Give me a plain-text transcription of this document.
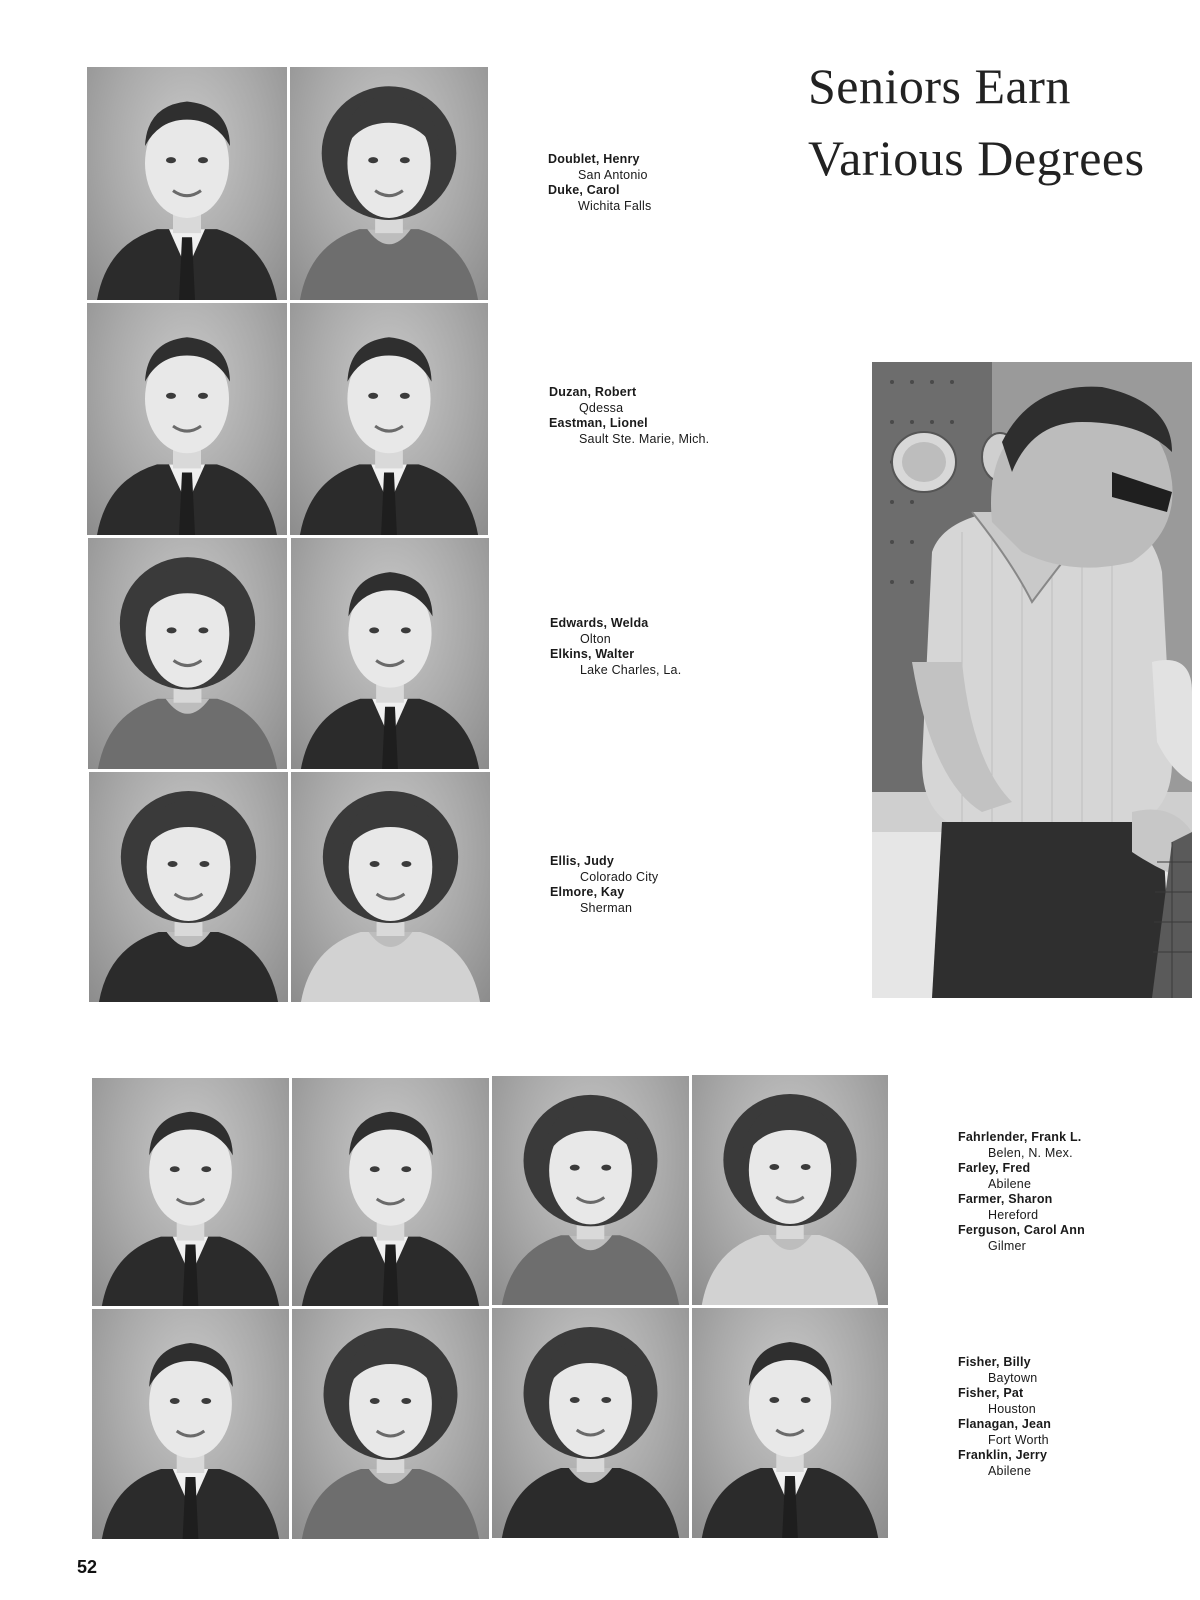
Seniors Earn
Various Degrees
Doublet, Henry
San Antonio
Duke, Carol
Wichita Falls
Duzan, Robert
Qdessa
Eastman, Lionel
Sault Ste. Marie, Mich.
Edwards, Welda
Olton
Elkins, Walter
Lake Charles, La.
Ellis, Judy
Colorado City
Elmore, Kay
Sherman
Fahrlender, Frank L.
Belen, N. Mex.
Farley, Fred
Abilene
Farmer, Sharon
Hereford
Ferguson, Carol Ann
Gilmer
Fisher, Billy
Baytown
Fisher, Pat
Houston
Flanagan, Jean
Fort Worth
Franklin, Jerry
Abilene
52
